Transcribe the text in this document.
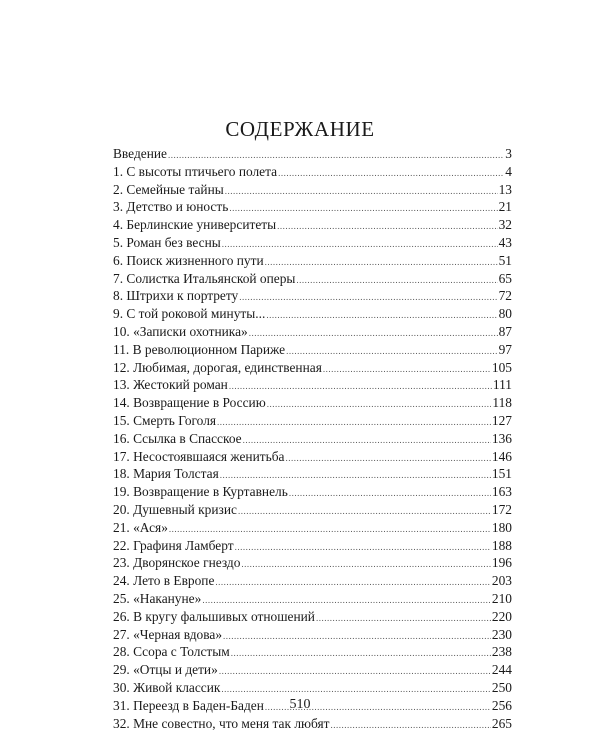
СОДЕРЖАНИЕ
Введение .....	3
1. С высоты птичьего полета .....	4
2. Семейные тайны .....	13
3. Детство и юность .....	21
4. Берлинские университеты .....	32
5. Роман без весны .....	43
6. Поиск жизненного пути .....	51
7. Солистка Итальянской оперы .....	65
8. Штрихи к портрету .....	72
9. С той роковой минуты... .....	80
10. «Записки охотника» .....	87
11. В революционном Париже .....	97
12. Любимая, дорогая, единственная .....	105
13. Жестокий роман .....	111
14. Возвращение в Россию .....	118
15. Смерть Гоголя .....	127
16. Ссылка в Спасское .....	136
17. Несостоявшаяся женитьба .....	146
18. Мария Толстая .....	151
19. Возвращение в Куртавнель .....	163
20. Душевный кризис .....	172
21. «Ася» .....	180
22. Графиня Ламберт .....	188
23. Дворянское гнездо .....	196
24. Лето в Европе .....	203
25. «Накануне» .....	210
26. В кругу фальшивых отношений .....	220
27. «Черная вдова» .....	230
28. Ссора с Толстым .....	238
29. «Отцы и дети» .....	244
30. Живой классик .....	250
31. Переезд в Баден-Баден .....	256
32. Мне совестно, что меня так любят .....	265
510
